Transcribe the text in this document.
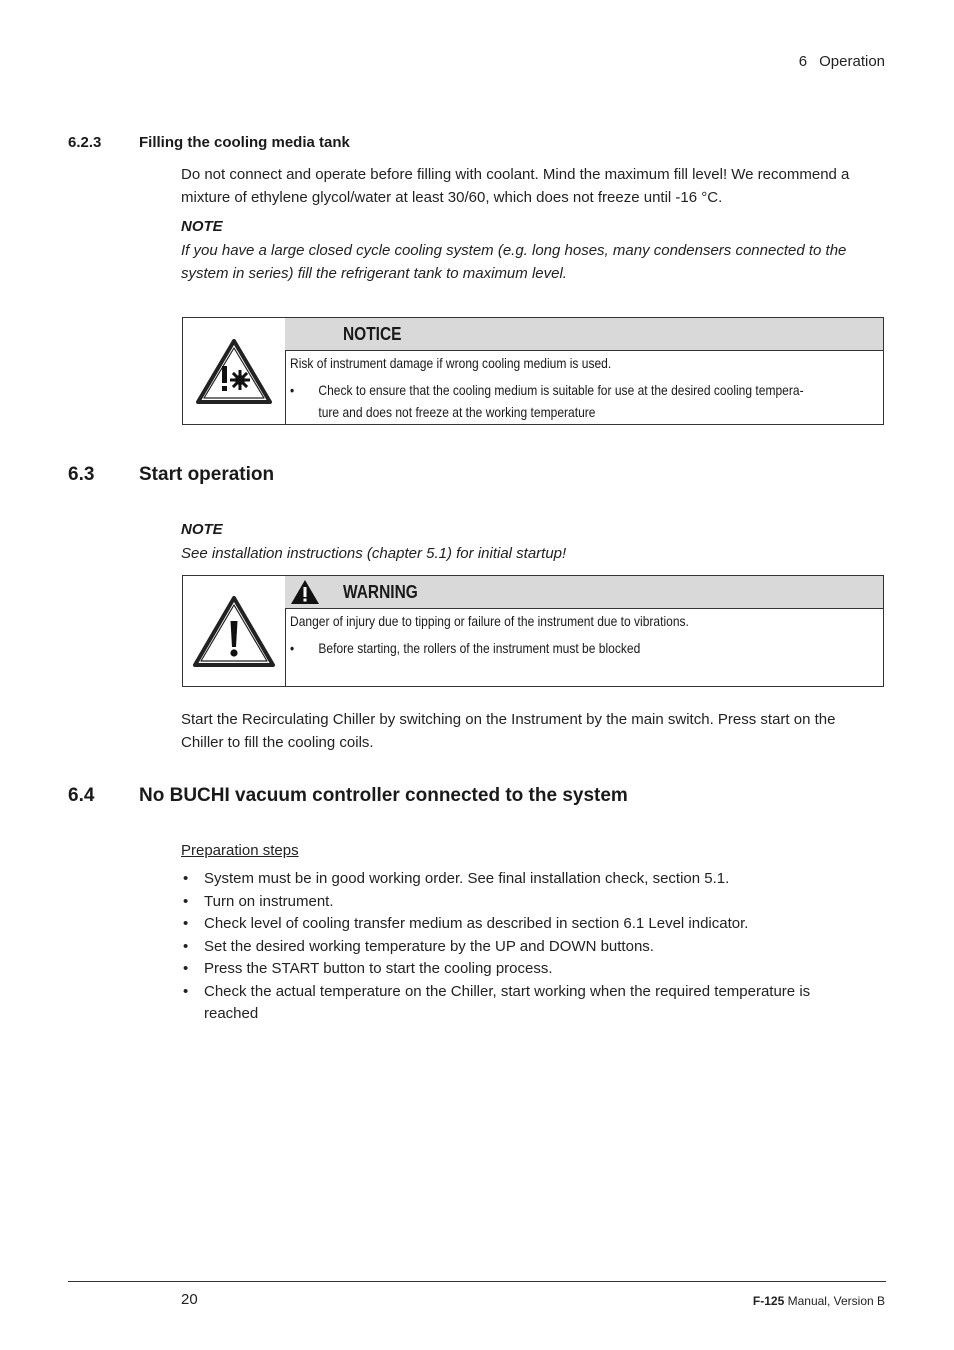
6 Operation
6.2.3	Filling the cooling media tank
Do not connect and operate before filling with coolant. Mind the maximum fill level! We recommend a mixture of ethylene glycol/water at least 30/60, which does not freeze until -16 °C.
NOTE
If you have a large closed cycle cooling system (e.g. long hoses, many condensers connected to the system in series) fill the refrigerant tank to maximum level.
NOTICE
Risk of instrument damage if wrong cooling medium is used.
• Check to ensure that the cooling medium is suitable for use at the desired cooling tempera-
ture and does not freeze at the working temperature
6.3 Start operation
NOTE
See installation instructions (chapter 5.1) for initial startup!
WARNING
Danger of injury due to tipping or failure of the instrument due to vibrations.
• Before starting, the rollers of the instrument must be blocked
Start the Recirculating Chiller by switching on the Instrument by the main switch. Press start on the Chiller to fill the cooling coils.
6.4 No BUCHI vacuum controller connected to the system
Preparation steps
• System must be in good working order. See final installation check, section 5.1.
• Turn on instrument.
• Check level of cooling transfer medium as described in section 6.1 Level indicator.
• Set the desired working temperature by the UP and DOWN buttons.
• Press the START button to start the cooling process.
• Check the actual temperature on the Chiller, start working when the required temperature is reached
20	F-125 Manual, Version B
